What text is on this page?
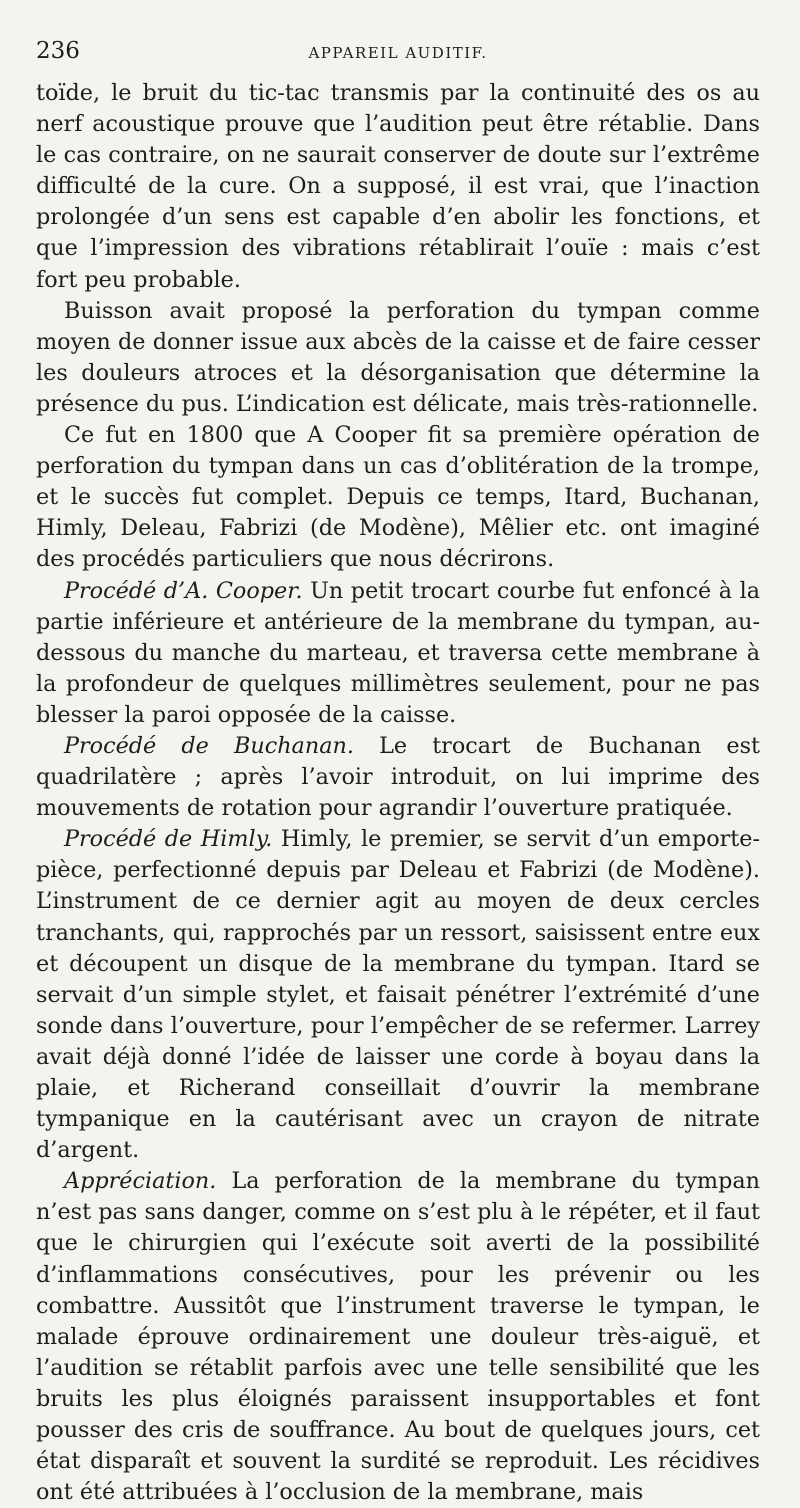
236	APPAREIL AUDITIF.

toïde, le bruit du tic-tac transmis par la continuité des os au nerf acoustique prouve que l’audition peut être rétablie. Dans le cas contraire, on ne saurait conserver de doute sur l’extrême difficulté de la cure. On a supposé, il est vrai, que l’inaction prolongée d’un sens est capable d’en abolir les fonctions, et que l’impression des vibrations rétablirait l’ouïe : mais c’est fort peu probable.

Buisson avait proposé la perforation du tympan comme moyen de donner issue aux abcès de la caisse et de faire cesser les douleurs atroces et la désorganisation que détermine la présence du pus. L’indication est délicate, mais très-rationnelle.

Ce fut en 1800 que A Cooper fit sa première opération de perforation du tympan dans un cas d’oblitération de la trompe, et le succès fut complet. Depuis ce temps, Itard, Buchanan, Himly, Deleau, Fabrizi (de Modène), Mêlier etc. ont imaginé des procédés particuliers que nous décrirons.

Procédé d’A. Cooper. Un petit trocart courbe fut enfoncé à la partie inférieure et antérieure de la membrane du tympan, au-dessous du manche du marteau, et traversa cette membrane à la profondeur de quelques millimètres seulement, pour ne pas blesser la paroi opposée de la caisse.

Procédé de Buchanan. Le trocart de Buchanan est quadrilatère ; après l’avoir introduit, on lui imprime des mouvements de rotation pour agrandir l’ouverture pratiquée.

Procédé de Himly. Himly, le premier, se servit d’un emporte-pièce, perfectionné depuis par Deleau et Fabrizi (de Modène). L’instrument de ce dernier agit au moyen de deux cercles tranchants, qui, rapprochés par un ressort, saisissent entre eux et découpent un disque de la membrane du tympan. Itard se servait d’un simple stylet, et faisait pénétrer l’extrémité d’une sonde dans l’ouverture, pour l’empêcher de se refermer. Larrey avait déjà donné l’idée de laisser une corde à boyau dans la plaie, et Richerand conseillait d’ouvrir la membrane tympanique en la cautérisant avec un crayon de nitrate d’argent.

Appréciation. La perforation de la membrane du tympan n’est pas sans danger, comme on s’est plu à le répéter, et il faut que le chirurgien qui l’exécute soit averti de la possibilité d’inflammations consécutives, pour les prévenir ou les combattre. Aussitôt que l’instrument traverse le tympan, le malade éprouve ordinairement une douleur très-aiguë, et l’audition se rétablit parfois avec une telle sensibilité que les bruits les plus éloignés paraissent insupportables et font pousser des cris de souffrance. Au bout de quelques jours, cet état disparaît et souvent la surdité se reproduit. Les récidives ont été attribuées à l’occlusion de la membrane, mais
